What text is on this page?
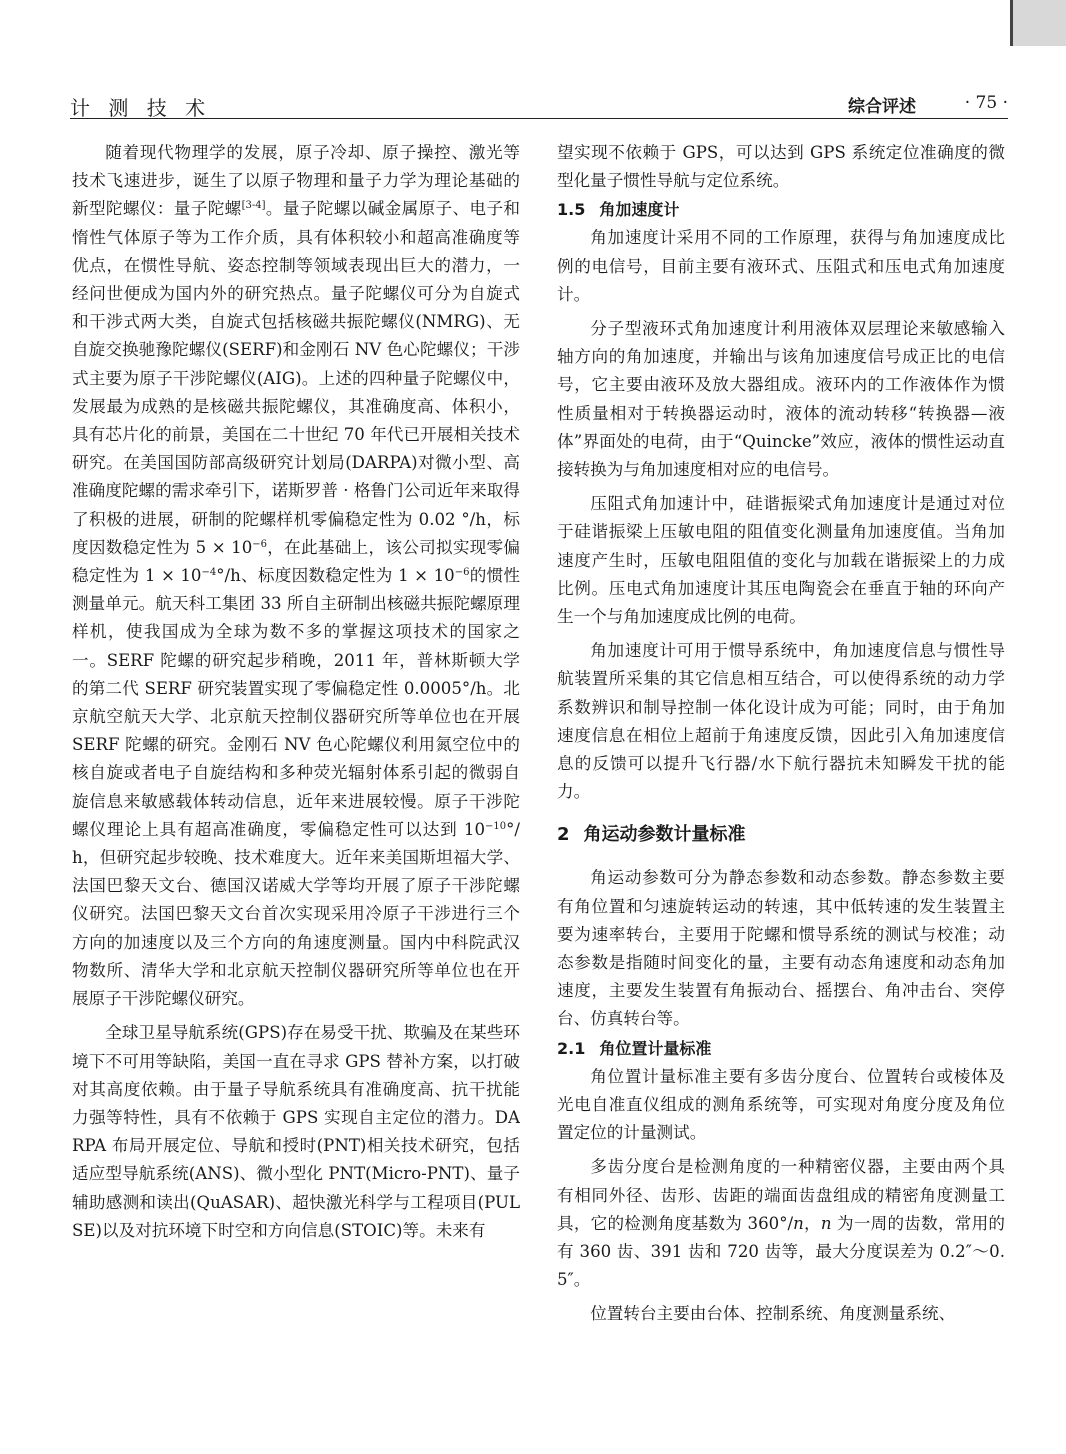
计 测 技 术	综合评述	· 75 ·

随着现代物理学的发展，原子冷却、原子操控、激光等技术飞速进步，诞生了以原子物理和量子力学为理论基础的新型陀螺仪：量子陀螺[3-4]。量子陀螺以碱金属原子、电子和惰性气体原子等为工作介质，具有体积较小和超高准确度等优点，在惯性导航、姿态控制等领域表现出巨大的潜力，一经问世便成为国内外的研究热点。量子陀螺仪可分为自旋式和干涉式两大类，自旋式包括核磁共振陀螺仪(NMRG)、无自旋交换驰豫陀螺仪(SERF)和金刚石 NV 色心陀螺仪；干涉式主要为原子干涉陀螺仪(AIG)。上述的四种量子陀螺仪中，发展最为成熟的是核磁共振陀螺仪，其准确度高、体积小，具有芯片化的前景，美国在二十世纪 70 年代已开展相关技术研究。在美国国防部高级研究计划局(DARPA)对微小型、高准确度陀螺的需求牵引下，诺斯罗普 · 格鲁门公司近年来取得了积极的进展，研制的陀螺样机零偏稳定性为 0.02 °/h，标度因数稳定性为 $5 \times 10^{-6}$，在此基础上，该公司拟实现零偏稳定性为 $1 \times 10^{-4}^\circ/h$、标度因数稳定性为 $1 \times 10^{-6}$的惯性测量单元。航天科工集团 33 所自主研制出核磁共振陀螺原理样机，使我国成为全球为数不多的掌握这项技术的国家之一。SERF 陀螺的研究起步稍晚，2011 年，普林斯顿大学的第二代 SERF 研究装置实现了零偏稳定性 0.0005°/h。北京航空航天大学、北京航天控制仪器研究所等单位也在开展 SERF 陀螺的研究。金刚石 NV 色心陀螺仪利用氮空位中的核自旋或者电子自旋结构和多种荧光辐射体系引起的微弱自旋信息来敏感载体转动信息，近年来进展较慢。原子干涉陀螺仪理论上具有超高准确度，零偏稳定性可以达到 $10^{-10}^\circ/h$，但研究起步较晚、技术难度大。近年来美国斯坦福大学、法国巴黎天文台、德国汉诺威大学等均开展了原子干涉陀螺仪研究。法国巴黎天文台首次实现采用冷原子干涉进行三个方向的加速度以及三个方向的角速度测量。国内中科院武汉物数所、清华大学和北京航天控制仪器研究所等单位也在开展原子干涉陀螺仪研究。

全球卫星导航系统(GPS)存在易受干扰、欺骗及在某些环境下不可用等缺陷，美国一直在寻求 GPS 替补方案，以打破对其高度依赖。由于量子导航系统具有准确度高、抗干扰能力强等特性，具有不依赖于 GPS 实现自主定位的潜力。DARPA 布局开展定位、导航和授时(PNT)相关技术研究，包括适应型导航系统(ANS)、微小型化 PNT(Micro-PNT)、量子辅助感测和读出(QuASAR)、超快激光科学与工程项目(PULSE)以及对抗环境下时空和方向信息(STOIC)等。未来有

望实现不依赖于 GPS，可以达到 GPS 系统定位准确度的微型化量子惯性导航与定位系统。

1.5 角加速度计

角加速度计采用不同的工作原理，获得与角加速度成比例的电信号，目前主要有液环式、压阻式和压电式角加速度计。

分子型液环式角加速度计利用液体双层理论来敏感输入轴方向的角加速度，并输出与该角加速度信号成正比的电信号，它主要由液环及放大器组成。液环内的工作液体作为惯性质量相对于转换器运动时，液体的流动转移“转换器—液体”界面处的电荷，由于“Quincke”效应，液体的惯性运动直接转换为与角加速度相对应的电信号。

压阻式角加速计中，硅谐振梁式角加速度计是通过对位于硅谐振梁上压敏电阻的阻值变化测量角加速度值。当角加速度产生时，压敏电阻阻值的变化与加载在谐振梁上的力成比例。压电式角加速度计其压电陶瓷会在垂直于轴的环向产生一个与角加速度成比例的电荷。

角加速度计可用于惯导系统中，角加速度信息与惯性导航装置所采集的其它信息相互结合，可以使得系统的动力学系数辨识和制导控制一体化设计成为可能；同时，由于角加速度信息在相位上超前于角速度反馈，因此引入角加速度信息的反馈可以提升飞行器/水下航行器抗未知瞬发干扰的能力。

2 角运动参数计量标准

角运动参数可分为静态参数和动态参数。静态参数主要有角位置和匀速旋转运动的转速，其中低转速的发生装置主要为速率转台，主要用于陀螺和惯导系统的测试与校准；动态参数是指随时间变化的量，主要有动态角速度和动态角加速度，主要发生装置有角振动台、摇摆台、角冲击台、突停台、仿真转台等。

2.1 角位置计量标准

角位置计量标准主要有多齿分度台、位置转台或棱体及光电自准直仪组成的测角系统等，可实现对角度分度及角位置定位的计量测试。

多齿分度台是检测角度的一种精密仪器，主要由两个具有相同外径、齿形、齿距的端面齿盘组成的精密角度测量工具，它的检测角度基数为 360°/n，n 为一周的齿数，常用的有 360 齿、391 齿和 720 齿等，最大分度误差为 0.2″～0.5″。

位置转台主要由台体、控制系统、角度测量系统、
